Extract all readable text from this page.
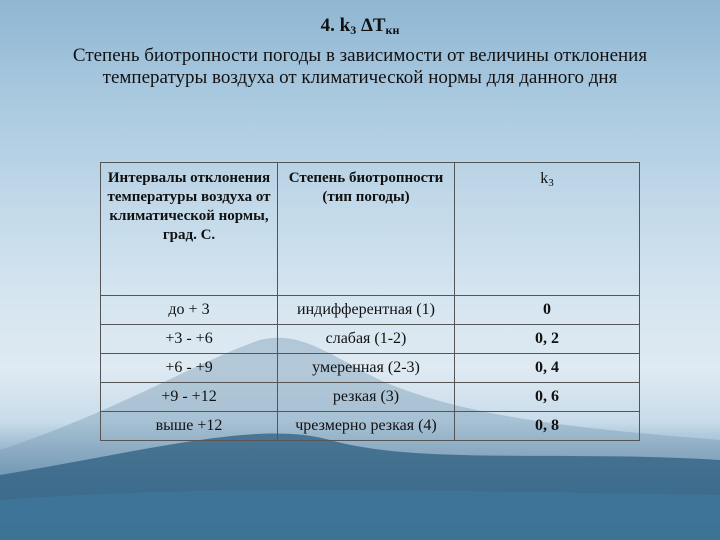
4. $k_3$ $\Delta T_{кн}$
Степень биотропности погоды в зависимости от величины отклонения температуры воздуха от климатической нормы для данного дня
Интервалы отклонения температуры воздуха от климатической нормы, град. С.	Степень биотропности (тип погоды)	k3
до + 3	индифферентная (1)	0
+3 - +6	слабая (1-2)	0, 2
+6 - +9	умеренная (2-3)	0, 4
+9 - +12	резкая (3)	0, 6
выше +12	чрезмерно резкая (4)	0, 8
